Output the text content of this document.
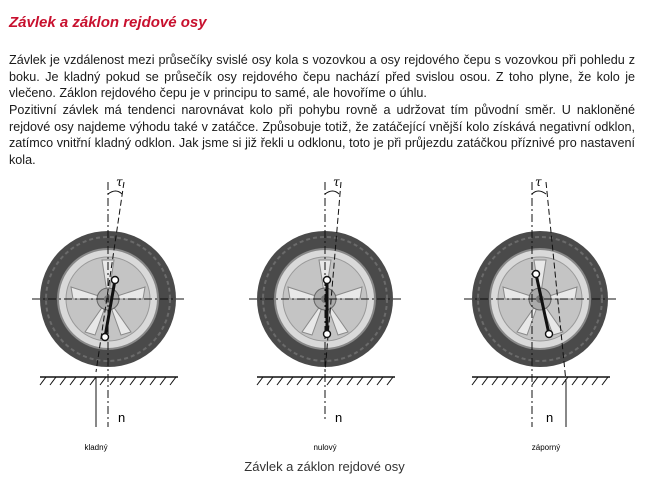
Závlek a záklon rejdové osy

Závlek je vzdálenost mezi průsečíky svislé osy kola s vozovkou a osy rejdového čepu s vozovkou při pohledu z boku. Je kladný pokud se průsečík osy rejdového čepu nachází před svislou osou. Z toho plyne, že kolo je vlečeno. Záklon rejdového čepu je v principu to samé, ale hovoříme o úhlu.

Pozitivní závlek má tendenci narovnávat kolo při pohybu rovně a udržovat tím původní směr. U nakloněné rejdové osy najdeme výhodu také v zatáčce. Způsobuje totiž, že zatáčející vnější kolo získává negativní odklon, zatímco vnitřní kladný odklon. Jak jsme si již řekli u odklonu, toto je při průjezdu zatáčkou příznivé pro nastavení kola.

τ
n
kladný
τ
n
nulový
τ
n
záporný
Závlek a záklon rejdové osy
